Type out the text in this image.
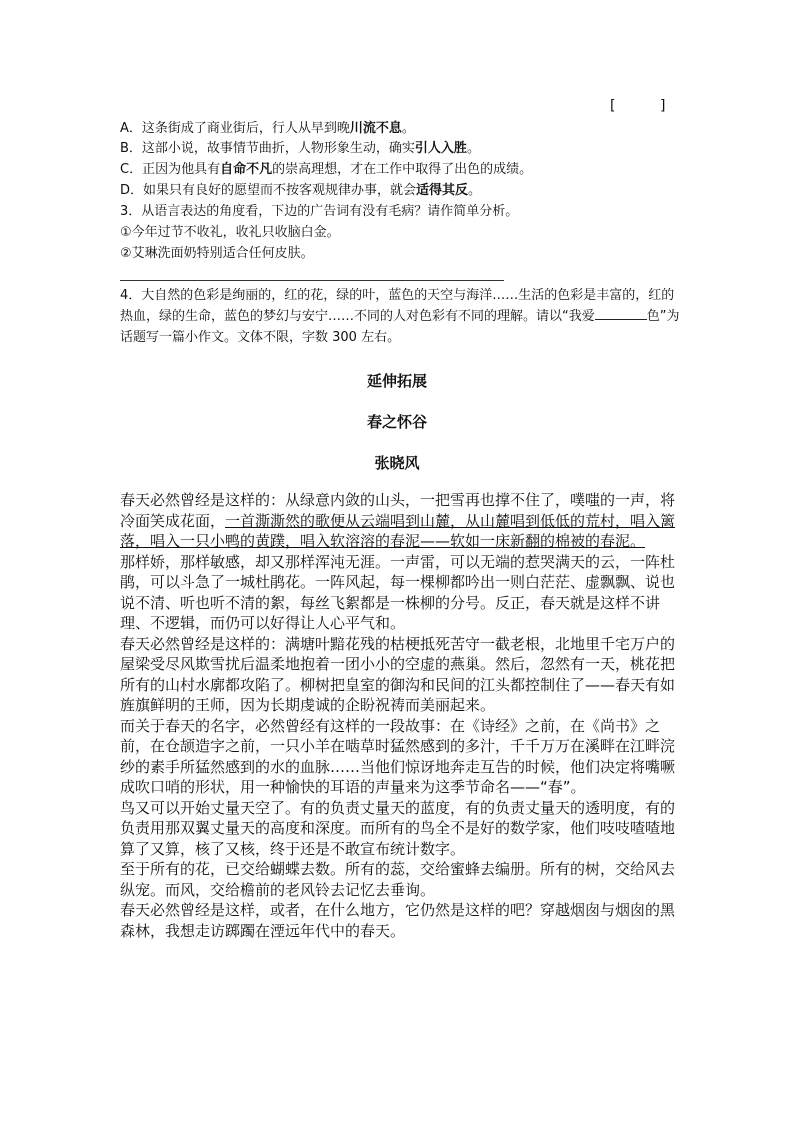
[          ]
A．这条街成了商业街后，行人从早到晚川流不息。
B．这部小说，故事情节曲折，人物形象生动，确实引人入胜。
C．正因为他具有自命不凡的崇高理想，才在工作中取得了出色的成绩。
D．如果只有良好的愿望而不按客观规律办事，就会适得其反。
3．从语言表达的角度看，下边的广告词有没有毛病？请作简单分析。
①今年过节不收礼，收礼只收脑白金。
②艾琳洗面奶特别适合任何皮肤。
4．大自然的色彩是绚丽的，红的花，绿的叶，蓝色的天空与海洋……生活的色彩是丰富的，红的热血，绿的生命，蓝色的梦幻与安宁……不同的人对色彩有不同的理解。请以“我爱	色”为话题写一篇小作文。文体不限，字数 300 左右。
延伸拓展
春之怀谷
张晓风

春天必然曾经是这样的：从绿意内敛的山头，一把雪再也撑不住了，噗嗤的一声，将冷面笑成花面，一首澌澌然的歌便从云端唱到山麓，从山麓唱到低低的荒村，唱入篱落，唱入一只小鸭的黄蹼，唱入软溶溶的春泥——软如一床新翻的棉被的春泥。

那样娇，那样敏感，却又那样浑沌无涯。一声雷，可以无端的惹哭满天的云，一阵杜鹃，可以斗急了一城杜鹃花。一阵风起，每一棵柳都吟出一则白茫茫、虚飘飘、说也说不清、听也听不清的絮，每丝飞絮都是一株柳的分号。反正，春天就是这样不讲理、不逻辑，而仍可以好得让人心平气和。

春天必然曾经是这样的：满塘叶黯花残的枯梗抵死苦守一截老根，北地里千宅万户的屋梁受尽风欺雪扰后温柔地抱着一团小小的空虚的燕巢。然后，忽然有一天，桃花把所有的山村水廓都攻陷了。柳树把皇室的御沟和民间的江头都控制住了——春天有如旌旗鲜明的王师，因为长期虔诚的企盼祝祷而美丽起来。

而关于春天的名字，必然曾经有这样的一段故事：在《诗经》之前，在《尚书》之前，在仓颉造字之前，一只小羊在啮草时猛然感到的多汁，千千万万在溪畔在江畔浣纱的素手所猛然感到的水的血脉……当他们惊讶地奔走互告的时候，他们决定将嘴噘成吹口哨的形状，用一种愉快的耳语的声量来为这季节命名——“春”。

鸟又可以开始丈量天空了。有的负责丈量天的蓝度，有的负责丈量天的透明度，有的负责用那双翼丈量天的高度和深度。而所有的鸟全不是好的数学家，他们吱吱喳喳地算了又算，核了又核，终于还是不敢宣布统计数字。

至于所有的花，已交给蝴蝶去数。所有的蕊，交给蜜蜂去编册。所有的树，交给风去纵宠。而风，交给檐前的老风铃去记忆去垂询。

春天必然曾经是这样，或者，在什么地方，它仍然是这样的吧？穿越烟囱与烟囱的黑森林，我想走访踯躅在湮远年代中的春天。
